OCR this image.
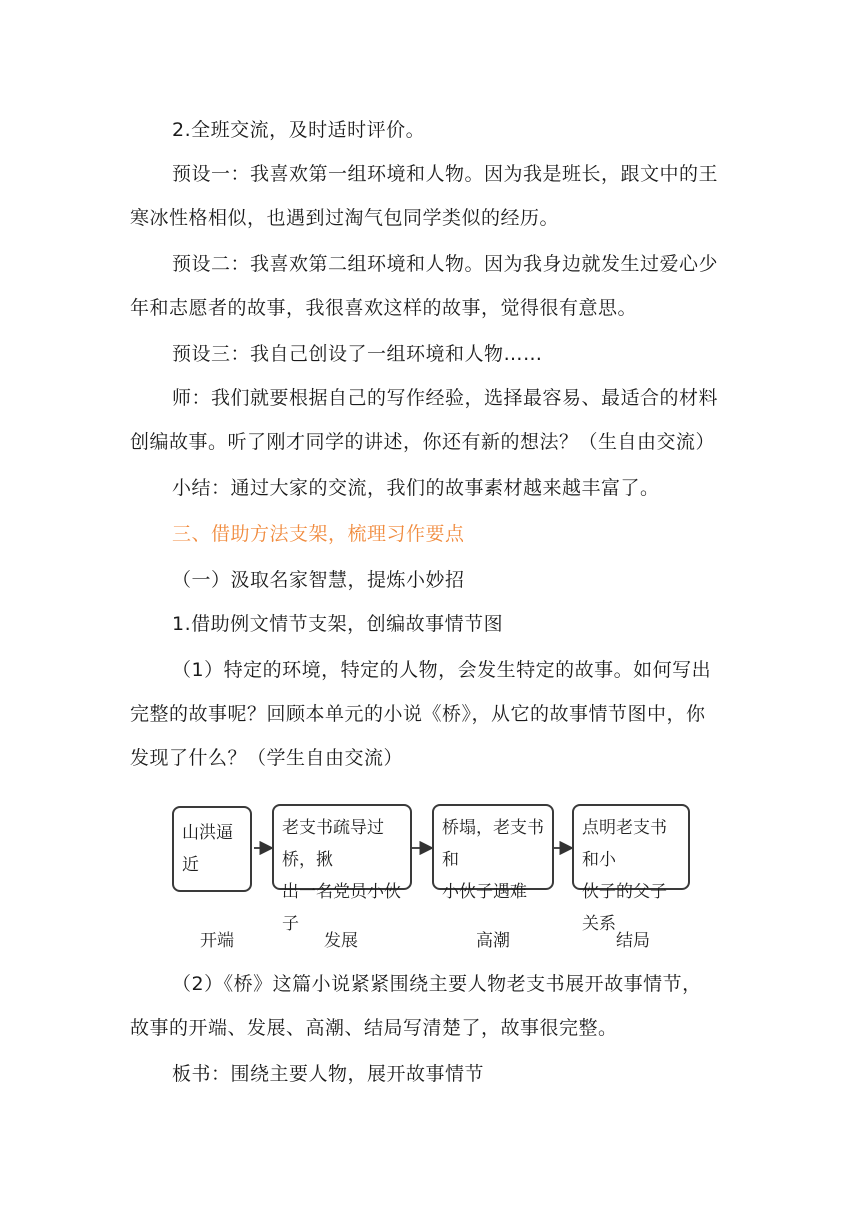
2.全班交流，及时适时评价。

预设一：我喜欢第一组环境和人物。因为我是班长，跟文中的王

寒冰性格相似，也遇到过淘气包同学类似的经历。

预设二：我喜欢第二组环境和人物。因为我身边就发生过爱心少

年和志愿者的故事，我很喜欢这样的故事，觉得很有意思。

预设三：我自己创设了一组环境和人物……

师：我们就要根据自己的写作经验，选择最容易、最适合的材料

创编故事。听了刚才同学的讲述，你还有新的想法？（生自由交流）

小结：通过大家的交流，我们的故事素材越来越丰富了。

三、借助方法支架，梳理习作要点

（一）汲取名家智慧，提炼小妙招

1.借助例文情节支架，创编故事情节图

（1）特定的环境，特定的人物，会发生特定的故事。如何写出

完整的故事呢？回顾本单元的小说《桥》，从它的故事情节图中，你

发现了什么？（学生自由交流）

山洪逼近
老支书疏导过桥，揪
出一名党员小伙子
桥塌，老支书和
小伙子遇难
点明老支书和小
伙子的父子关系
开端	发展	高潮	结局

（2）《桥》这篇小说紧紧围绕主要人物老支书展开故事情节，

故事的开端、发展、高潮、结局写清楚了，故事很完整。

板书：围绕主要人物，展开故事情节
